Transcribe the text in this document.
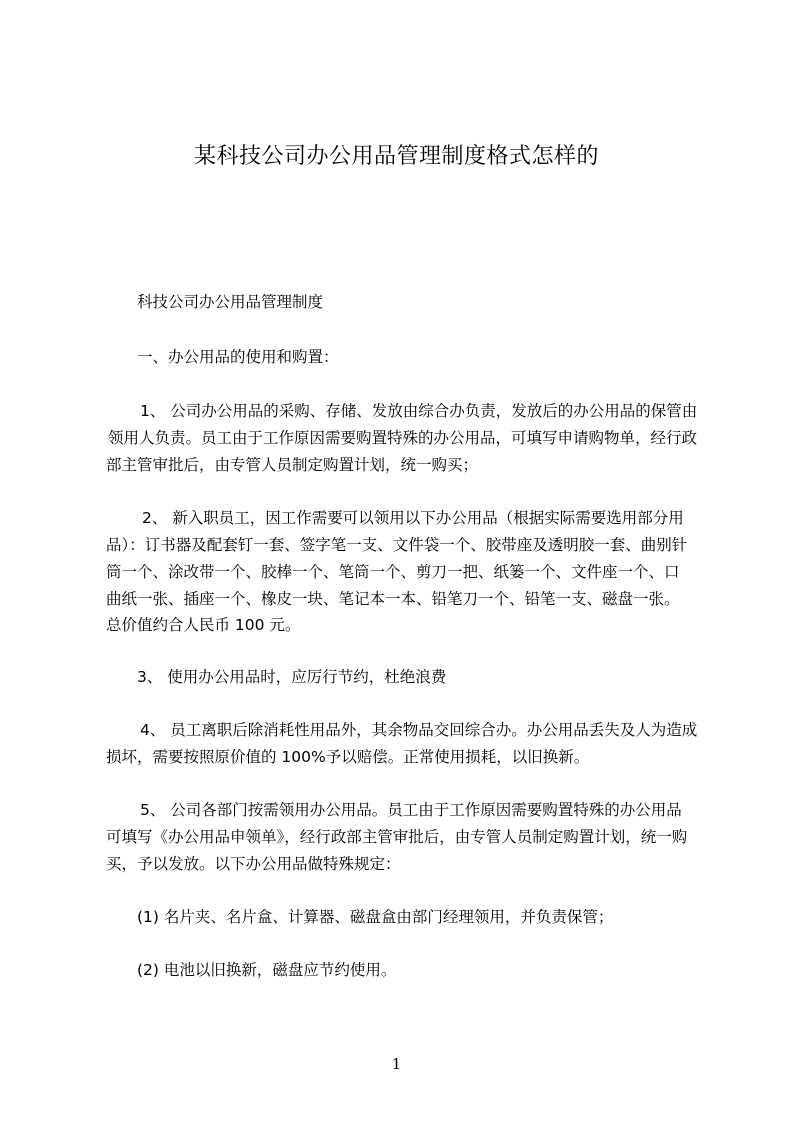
某科技公司办公用品管理制度格式怎样的

科技公司办公用品管理制度

一、办公用品的使用和购置：

1、 公司办公用品的采购、存储、发放由综合办负责，发放后的办公用品的保管由

领用人负责。员工由于工作原因需要购置特殊的办公用品，可填写申请购物单，经行政

部主管审批后，由专管人员制定购置计划，统一购买；

2、 新入职员工，因工作需要可以领用以下办公用品（根据实际需要选用部分用

品）：订书器及配套钉一套、签字笔一支、文件袋一个、胶带座及透明胶一套、曲别针

筒一个、涂改带一个、胶棒一个、笔筒一个、剪刀一把、纸篓一个、文件座一个、口

曲纸一张、插座一个、橡皮一块、笔记本一本、铅笔刀一个、铅笔一支、磁盘一张。

总价值约合人民币 100 元。

3、 使用办公用品时，应厉行节约，杜绝浪费

4、 员工离职后除消耗性用品外，其余物品交回综合办。办公用品丢失及人为造成

损坏，需要按照原价值的 100%予以赔偿。正常使用损耗，以旧换新。

5、 公司各部门按需领用办公用品。员工由于工作原因需要购置特殊的办公用品

可填写《办公用品申领单》，经行政部主管审批后，由专管人员制定购置计划，统一购

买，予以发放。以下办公用品做特殊规定：

(1) 名片夹、名片盒、计算器、磁盘盒由部门经理领用，并负责保管；

(2) 电池以旧换新，磁盘应节约使用。

1
